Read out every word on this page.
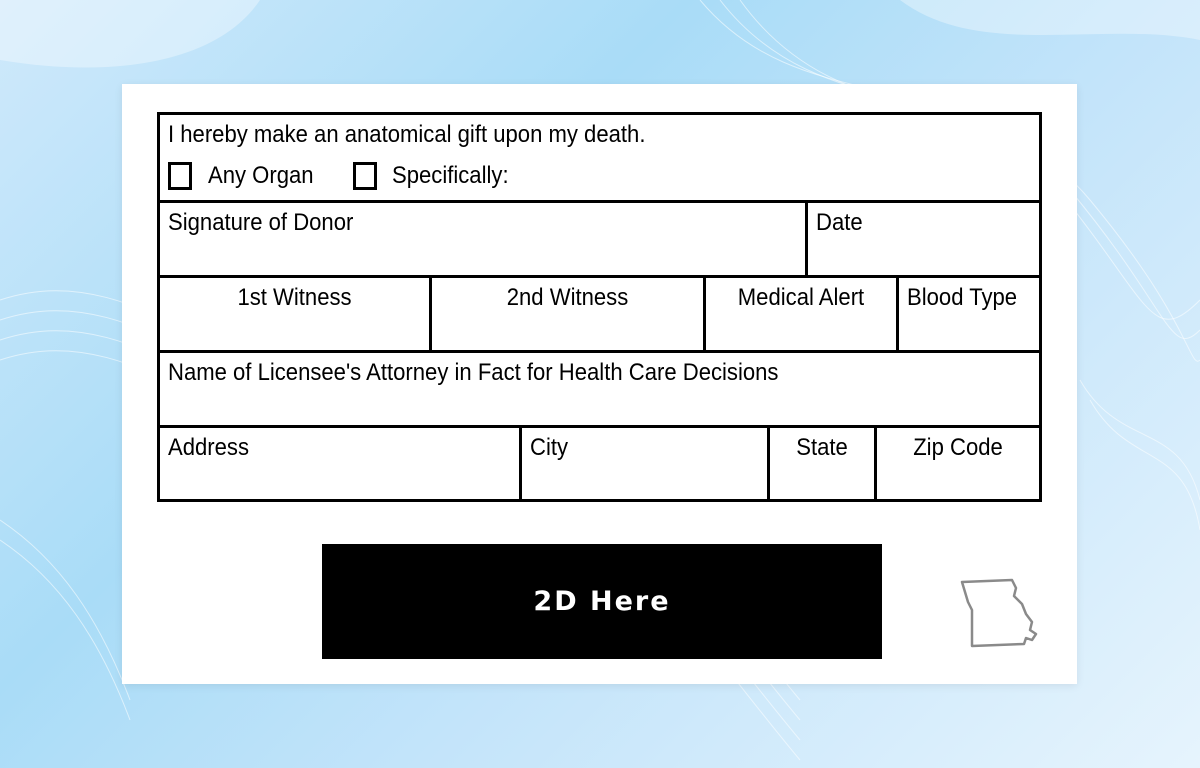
I hereby make an anatomical gift upon my death.
Any Organ	Specifically:
Signature of Donor	Date
1st Witness	2nd Witness	Medical Alert	Blood Type
Name of Licensee's Attorney in Fact for Health Care Decisions
Address	City	State	Zip Code
2D Here
